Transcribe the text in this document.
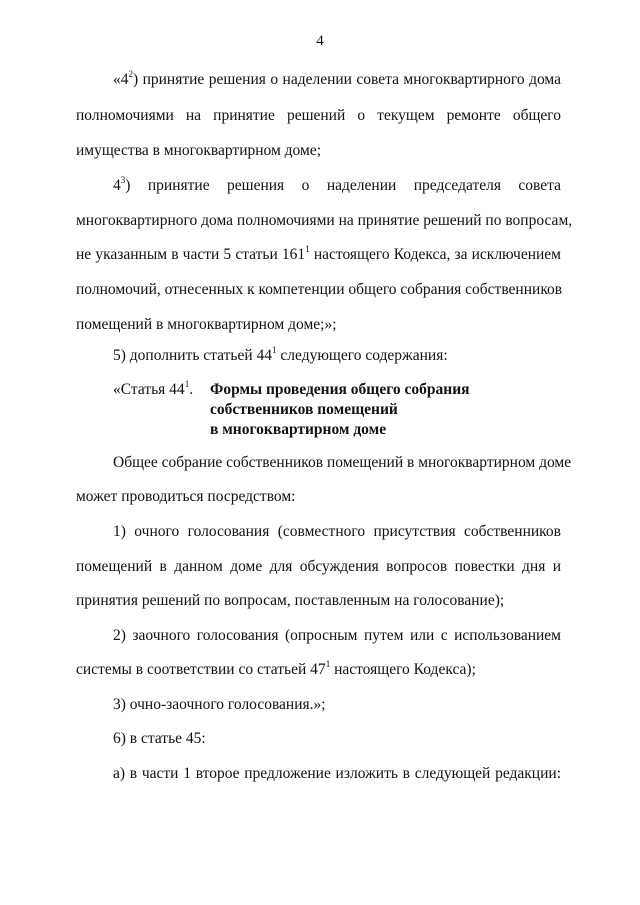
4
«$4^2$) принятие решения о наделении совета многоквартирного дома
полномочиями на принятие решений о текущем ремонте общего
имущества в многоквартирном доме;
$4^3$) принятие решения о наделении председателя совета
многоквартирного дома полномочиями на принятие решений по вопросам,
не указанным в части 5 статьи $161^1$ настоящего Кодекса, за исключением
полномочий, отнесенных к компетенции общего собрания собственников
помещений в многоквартирном доме;»;
5) дополнить статьей $44^1$ следующего содержания:
Общее собрание собственников помещений в многоквартирном доме
может проводиться посредством:
1) очного голосования (совместного присутствия собственников
помещений в данном доме для обсуждения вопросов повестки дня и
принятия решений по вопросам, поставленным на голосование);
2) заочного голосования (опросным путем или с использованием
системы в соответствии со статьей $47^1$ настоящего Кодекса);
3) очно-заочного голосования.»;
6) в статье 45:
а) в части 1 второе предложение изложить в следующей редакции:
«Статья $44^1$. Формы проведения общего собрания
собственников помещений
в многоквартирном доме
